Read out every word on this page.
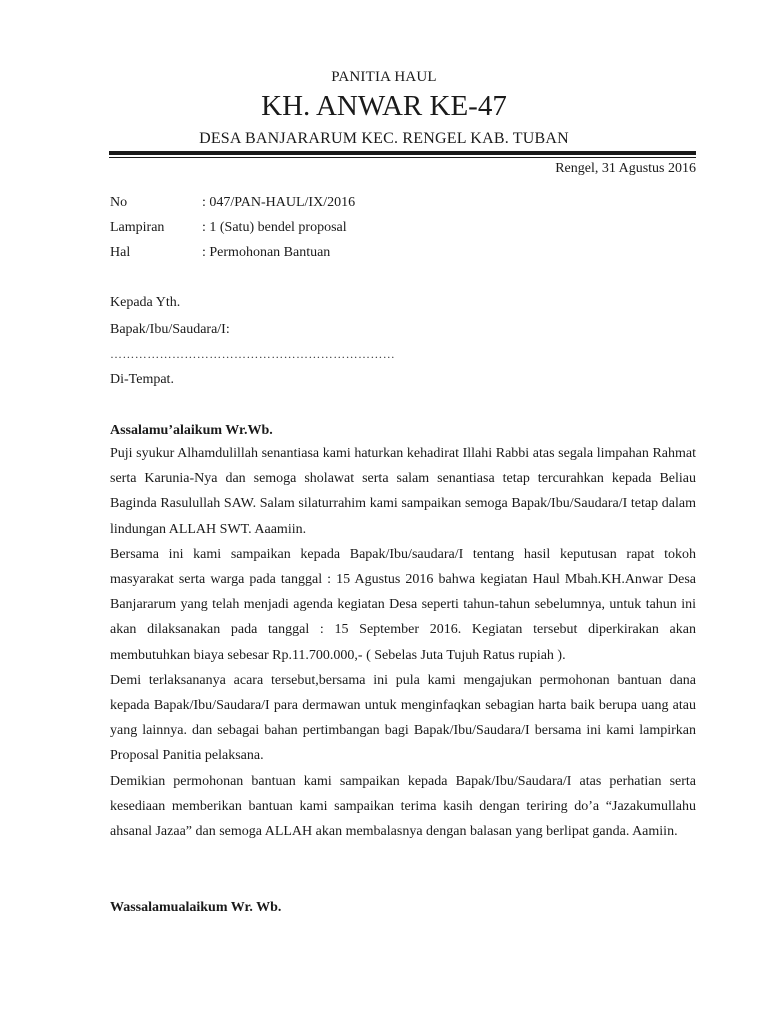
PANITIA HAUL
KH. ANWAR KE-47
DESA BANJARARUM KEC. RENGEL KAB. TUBAN
Rengel, 31 Agustus 2016
No	: 047/PAN-HAUL/IX/2016
Lampiran	: 1 (Satu) bendel proposal
Hal	: Permohonan Bantuan
Kepada Yth.
Bapak/Ibu/Saudara/I:
……………………………………………………………
Di-Tempat.
Assalamu’alaikum Wr.Wb.

Puji syukur Alhamdulillah senantiasa kami haturkan kehadirat Illahi Rabbi atas segala limpahan Rahmat serta Karunia-Nya dan semoga sholawat serta salam senantiasa tetap tercurahkan kepada Beliau Baginda Rasulullah SAW. Salam silaturrahim kami sampaikan semoga Bapak/Ibu/Saudara/I tetap dalam lindungan ALLAH SWT. Aaamiin.

Bersama ini kami sampaikan kepada Bapak/Ibu/saudara/I tentang hasil keputusan rapat tokoh masyarakat serta warga pada tanggal : 15 Agustus 2016 bahwa kegiatan Haul Mbah.KH.Anwar Desa Banjararum yang telah menjadi agenda kegiatan Desa seperti tahun-tahun sebelumnya, untuk tahun ini akan dilaksanakan pada tanggal : 15 September 2016. Kegiatan tersebut diperkirakan akan membutuhkan biaya sebesar Rp.11.700.000,- ( Sebelas Juta Tujuh Ratus rupiah ).

Demi terlaksananya acara tersebut,bersama ini pula kami mengajukan permohonan bantuan dana kepada Bapak/Ibu/Saudara/I para dermawan untuk menginfaqkan sebagian harta baik berupa uang atau yang lainnya. dan sebagai bahan pertimbangan bagi Bapak/Ibu/Saudara/I bersama ini kami lampirkan Proposal Panitia pelaksana.

Demikian permohonan bantuan kami sampaikan kepada Bapak/Ibu/Saudara/I atas perhatian serta kesediaan memberikan bantuan kami sampaikan terima kasih dengan teriring do’a “Jazakumullahu ahsanal Jazaa” dan semoga ALLAH akan membalasnya dengan balasan yang berlipat ganda. Aamiin.

Wassalamualaikum Wr. Wb.
